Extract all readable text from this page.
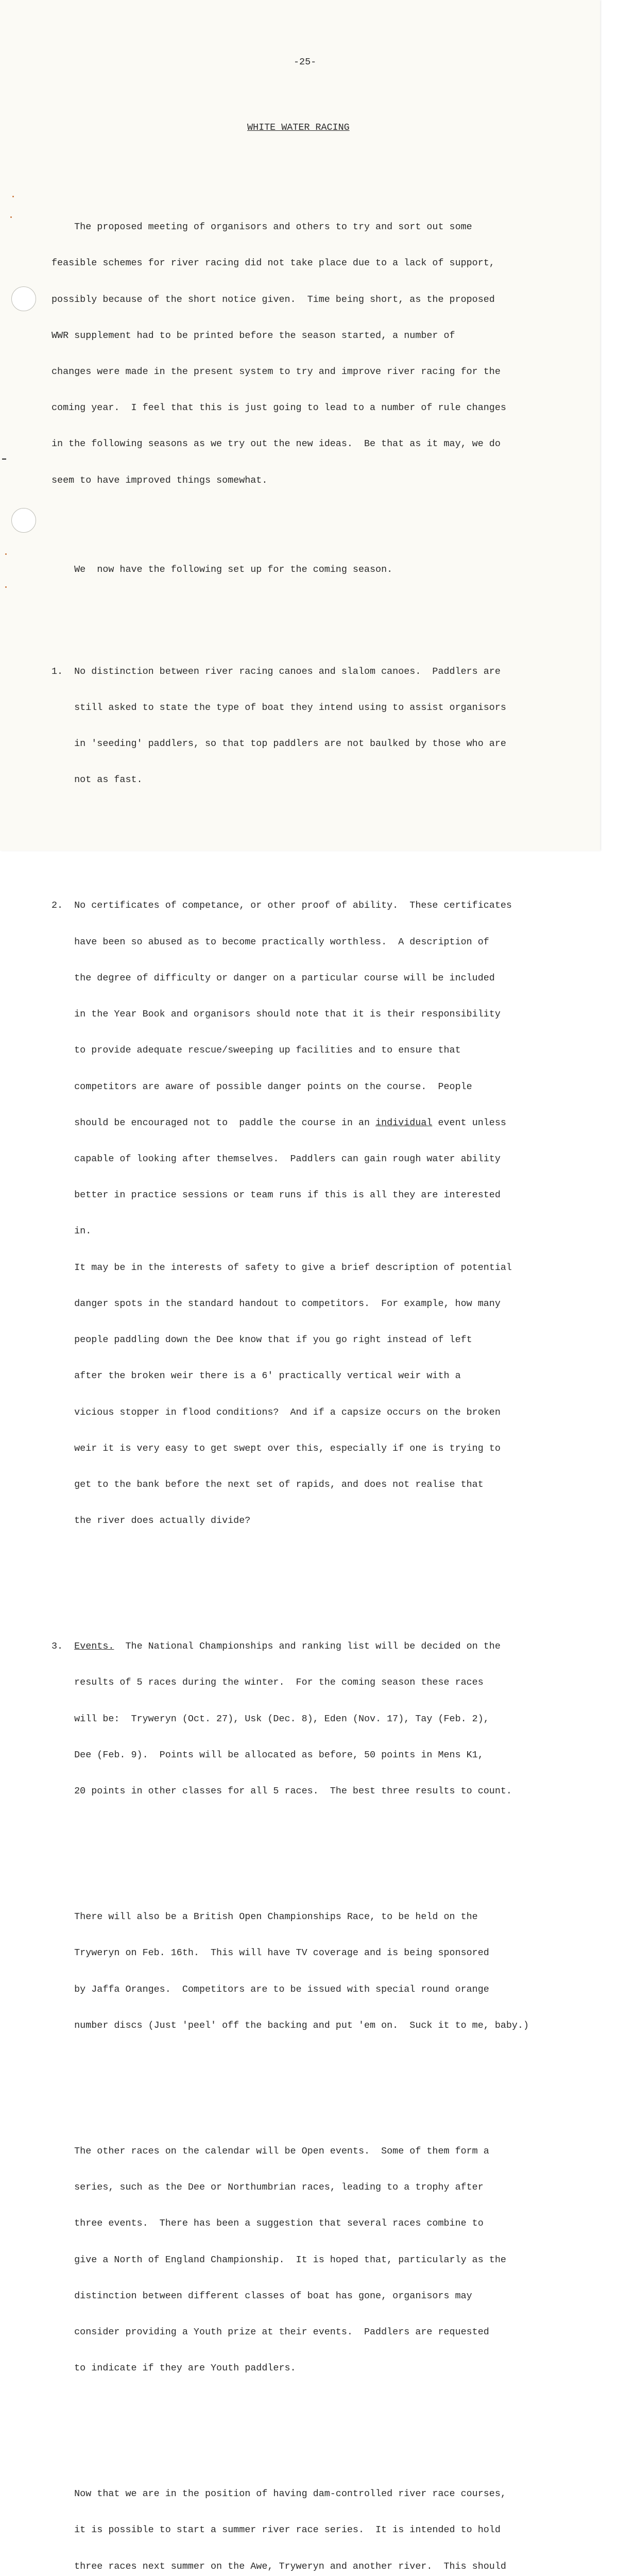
-25-

WHITE WATER RACING

The proposed meeting of organisors and others to try and sort out some

feasible schemes for river racing did not take place due to a lack of support,

possibly because of the short notice given.  Time being short, as the proposed

WWR supplement had to be printed before the season started, a number of

changes were made in the present system to try and improve river racing for the

coming year.  I feel that this is just going to lead to a number of rule changes

in the following seasons as we try out the new ideas.  Be that as it may, we do

seem to have improved things somewhat.

We  now have the following set up for the coming season.

1.  No distinction between river racing canoes and slalom canoes.  Paddlers are

still asked to state the type of boat they intend using to assist organisors

in 'seeding' paddlers, so that top paddlers are not baulked by those who are

not as fast.

2.  No certificates of competance, or other proof of ability.  These certificates

have been so abused as to become practically worthless.  A description of

the degree of difficulty or danger on a particular course will be included

in the Year Book and organisors should note that it is their responsibility

to provide adequate rescue/sweeping up facilities and to ensure that

competitors are aware of possible danger points on the course.  People

should be encouraged not to  paddle the course in an individual event unless

capable of looking after themselves.  Paddlers can gain rough water ability

better in practice sessions or team runs if this is all they are interested

in.

It may be in the interests of safety to give a brief description of potential

danger spots in the standard handout to competitors.  For example, how many

people paddling down the Dee know that if you go right instead of left

after the broken weir there is a 6' practically vertical weir with a

vicious stopper in flood conditions?  And if a capsize occurs on the broken

weir it is very easy to get swept over this, especially if one is trying to

get to the bank before the next set of rapids, and does not realise that

the river does actually divide?

3.  Events.  The National Championships and ranking list will be decided on the

results of 5 races during the winter.  For the coming season these races

will be:  Tryweryn (Oct. 27), Usk (Dec. 8), Eden (Nov. 17), Tay (Feb. 2),

Dee (Feb. 9).  Points will be allocated as before, 50 points in Mens K1,

20 points in other classes for all 5 races.  The best three results to count.

There will also be a British Open Championships Race, to be held on the

Tryweryn on Feb. 16th.  This will have TV coverage and is being sponsored

by Jaffa Oranges.  Competitors are to be issued with special round orange

number discs (Just 'peel' off the backing and put 'em on.  Suck it to me, baby.)

The other races on the calendar will be Open events.  Some of them form a

series, such as the Dee or Northumbrian races, leading to a trophy after

three events.  There has been a suggestion that several races combine to

give a North of England Championship.  It is hoped that, particularly as the

distinction between different classes of boat has gone, organisors may

consider providing a Youth prize at their events.  Paddlers are requested

to indicate if they are Youth paddlers.

Now that we are in the position of having dam-controlled river race courses,

it is possible to start a summer river race series.  It is intended to hold

three races next summer on the Awe, Tryweryn and another river.  This should
